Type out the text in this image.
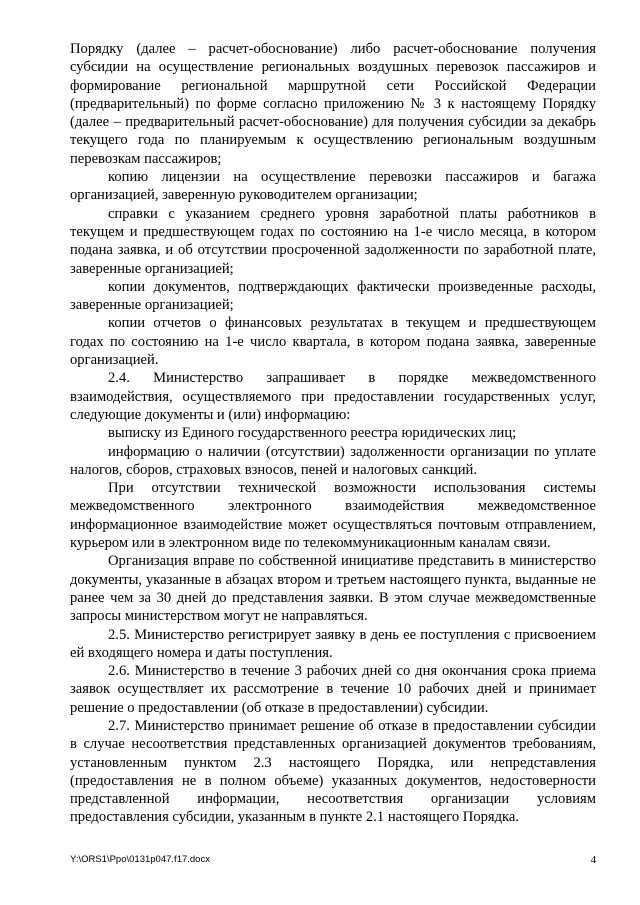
Порядку (далее – расчет-обоснование) либо расчет-обоснование получения субсидии на осуществление региональных воздушных перевозок пассажиров и формирование региональной маршрутной сети Российской Федерации (предварительный) по форме согласно приложению № 3 к настоящему Порядку (далее – предварительный расчет-обоснование) для получения субсидии за декабрь текущего года по планируемым к осуществлению региональным воздушным перевозкам пассажиров;

копию лицензии на осуществление перевозки пассажиров и багажа организацией, заверенную руководителем организации;

справки с указанием среднего уровня заработной платы работников в текущем и предшествующем годах по состоянию на 1-е число месяца, в котором подана заявка, и об отсутствии просроченной задолженности по заработной плате, заверенные организацией;

копии документов, подтверждающих фактически произведенные расходы, заверенные организацией;

копии отчетов о финансовых результатах в текущем и предшествующем годах по состоянию на 1-е число квартала, в котором подана заявка, заверенные организацией.

2.4. Министерство запрашивает в порядке межведомственного взаимодействия, осуществляемого при предоставлении государственных услуг, следующие документы и (или) информацию:

выписку из Единого государственного реестра юридических лиц;

информацию о наличии (отсутствии) задолженности организации по уплате налогов, сборов, страховых взносов, пеней и налоговых санкций.

При отсутствии технической возможности использования системы межведомственного электронного взаимодействия межведомственное информационное взаимодействие может осуществляться почтовым отправлением, курьером или в электронном виде по телекоммуникационным каналам связи.

Организация вправе по собственной инициативе представить в министерство документы, указанные в абзацах втором и третьем настоящего пункта, выданные не ранее чем за 30 дней до представления заявки. В этом случае межведомственные запросы министерством могут не направляться.

2.5. Министерство регистрирует заявку в день ее поступления с присвоением ей входящего номера и даты поступления.

2.6. Министерство в течение 3 рабочих дней со дня окончания срока приема заявок осуществляет их рассмотрение в течение 10 рабочих дней и принимает решение о предоставлении (об отказе в предоставлении) субсидии.

2.7. Министерство принимает решение об отказе в предоставлении субсидии в случае несоответствия представленных организацией документов требованиям, установленным пунктом 2.3 настоящего Порядка, или непредставления (предоставления не в полном объеме) указанных документов, недостоверности представленной информации, несоответствия организации условиям предоставления субсидии, указанным в пункте 2.1 настоящего Порядка.

Y:\ORS1\Ppo\0131p047.f17.docx	4
